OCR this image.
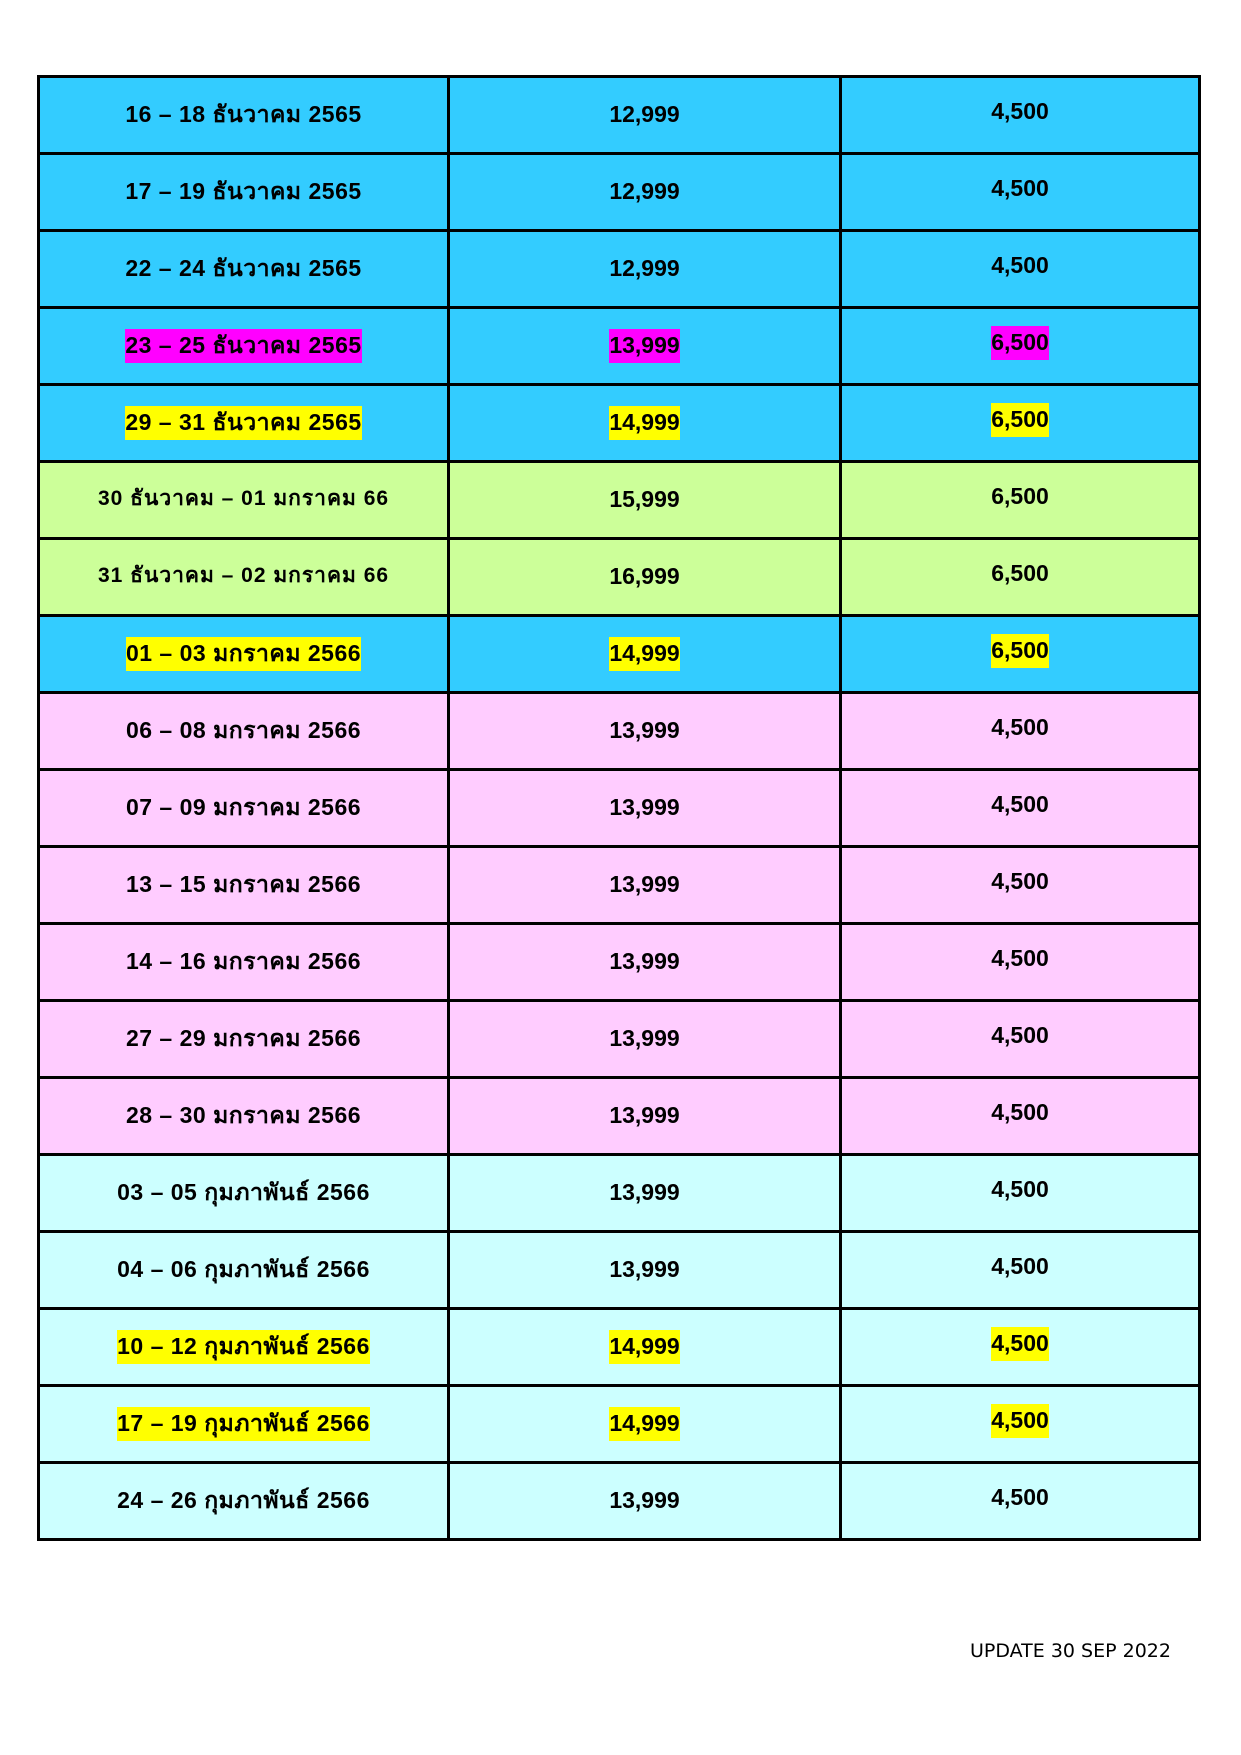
16 – 18 ธันวาคม 2565	12,999	4,500
17 – 19 ธันวาคม 2565	12,999	4,500
22 – 24 ธันวาคม 2565	12,999	4,500
23 – 25 ธันวาคม 2565	13,999	6,500
29 – 31 ธันวาคม 2565	14,999	6,500
30 ธันวาคม – 01 มกราคม 66	15,999	6,500
31 ธันวาคม – 02 มกราคม 66	16,999	6,500
01 – 03 มกราคม 2566	14,999	6,500
06 – 08 มกราคม 2566	13,999	4,500
07 – 09 มกราคม 2566	13,999	4,500
13 – 15 มกราคม 2566	13,999	4,500
14 – 16 มกราคม 2566	13,999	4,500
27 – 29 มกราคม 2566	13,999	4,500
28 – 30 มกราคม 2566	13,999	4,500
03 – 05 กุมภาพันธ์ 2566	13,999	4,500
04 – 06 กุมภาพันธ์ 2566	13,999	4,500
10 – 12 กุมภาพันธ์ 2566	14,999	4,500
17 – 19 กุมภาพันธ์ 2566	14,999	4,500
24 – 26 กุมภาพันธ์ 2566	13,999	4,500
UPDATE 30 SEP 2022
